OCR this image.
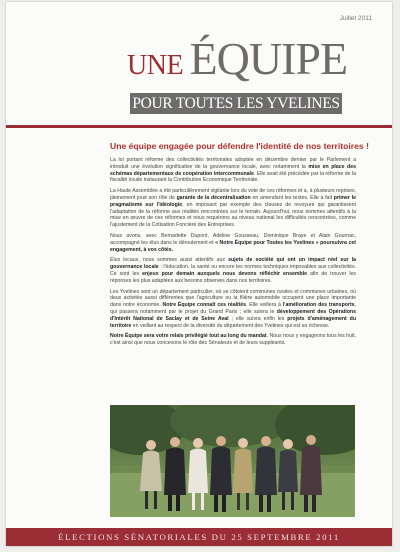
Juillet 2011
UNE ÉQUIPE
POUR TOUTES LES YVELINES
Une équipe engagée pour défendre l'identité de nos territoires !

La loi portant réforme des collectivités territoriales adoptée en décembre dernier par le Parlement a introduit une évolution significative de la gouvernance locale, avec notamment la mise en place des schémas départementaux de coopération intercommunale. Elle avait été précédée par la réforme de la fiscalité locale instaurant la Contribution Economique Territoriale.

La Haute Assemblée a été particulièrement vigilante lors du vote de ces réformes et a, à plusieurs reprises, pleinement joué son rôle de garante de la décentralisation en amendant les textes. Elle a fait primer le pragmatisme sur l'idéologie, en imposant par exemple des clauses de revoyure qui garantissent l'adaptation de la réforme aux réalités rencontrées sur le terrain. Aujourd'hui, nous sommes attentifs à la mise en œuvre de ces réformes et nous requérons au niveau national les difficultés rencontrées, comme l'ajustement de la Cotisation Foncière des Entreprises.

Nous avons, avec Bernadette Dupont, Adeline Gousseau, Dominique Braye et Alain Gournac, accompagné les élus dans le déroulement et « Notre Équipe pour Toutes les Yvelines » poursuivra cet engagement, à vos côtés.

Élus locaux, nous sommes aussi attentifs aux sujets de société qui ont un impact réel sur la gouvernance locale : l'éducation, la santé ou encore les normes techniques imposables aux collectivités. Ce sont les enjeux pour demain auxquels nous devons réfléchir ensemble afin de trouver les réponses les plus adaptées aux besoins observés dans nos territoires.

Les Yvelines sont un département particulier, où se côtoient communes rurales et communes urbaines, où deux activités aussi différentes que l'agriculture ou la filière automobile occupent une place importante dans notre économie. Notre Équipe connaît ces réalités. Elle veillera à l'amélioration des transports, qui passera notamment par le projet du Grand Paris ; elle suivra le développement des Opérations d'Intérêt National de Saclay et de Seine Aval ; elle suivra enfin les projets d'aménagement du territoire en veillant au respect de la diversité du département des Yvelines qui est sa richesse.

Notre Équipe sera votre relais privilégié tout au long du mandat. Nous nous y engageons tous les huit, c'est ainsi que nous concevons le rôle des Sénateurs et de leurs suppléants.

ÉLECTIONS SÉNATORIALES DU 25 SEPTEMBRE 2011
